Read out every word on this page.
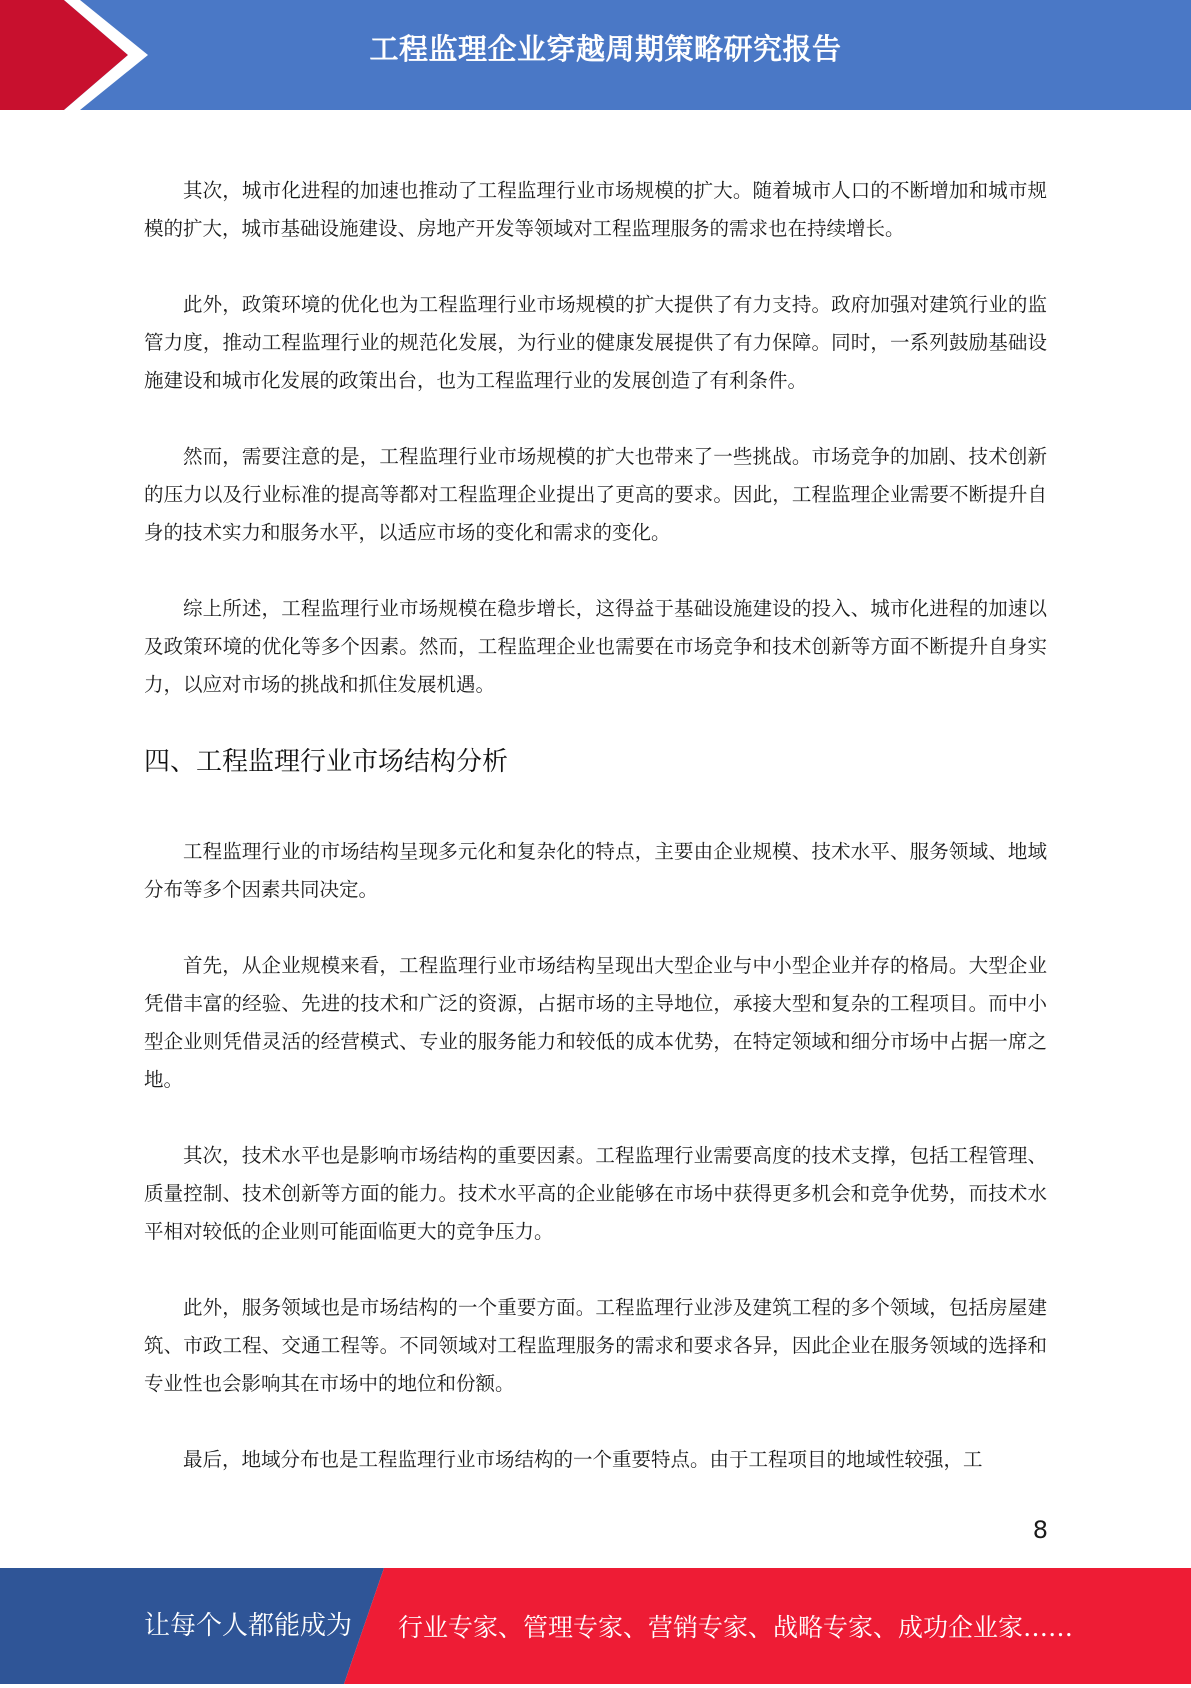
工程监理企业穿越周期策略研究报告

其次，城市化进程的加速也推动了工程监理行业市场规模的扩大。随着城市人口的不断增加和城市规模的扩大，城市基础设施建设、房地产开发等领域对工程监理服务的需求也在持续增长。

此外，政策环境的优化也为工程监理行业市场规模的扩大提供了有力支持。政府加强对建筑行业的监管力度，推动工程监理行业的规范化发展，为行业的健康发展提供了有力保障。同时，一系列鼓励基础设施建设和城市化发展的政策出台，也为工程监理行业的发展创造了有利条件。

然而，需要注意的是，工程监理行业市场规模的扩大也带来了一些挑战。市场竞争的加剧、技术创新的压力以及行业标准的提高等都对工程监理企业提出了更高的要求。因此，工程监理企业需要不断提升自身的技术实力和服务水平，以适应市场的变化和需求的变化。

综上所述，工程监理行业市场规模在稳步增长，这得益于基础设施建设的投入、城市化进程的加速以及政策环境的优化等多个因素。然而，工程监理企业也需要在市场竞争和技术创新等方面不断提升自身实力，以应对市场的挑战和抓住发展机遇。

四、工程监理行业市场结构分析

工程监理行业的市场结构呈现多元化和复杂化的特点，主要由企业规模、技术水平、服务领域、地域分布等多个因素共同决定。

首先，从企业规模来看，工程监理行业市场结构呈现出大型企业与中小型企业并存的格局。大型企业凭借丰富的经验、先进的技术和广泛的资源，占据市场的主导地位，承接大型和复杂的工程项目。而中小型企业则凭借灵活的经营模式、专业的服务能力和较低的成本优势，在特定领域和细分市场中占据一席之地。

其次，技术水平也是影响市场结构的重要因素。工程监理行业需要高度的技术支撑，包括工程管理、质量控制、技术创新等方面的能力。技术水平高的企业能够在市场中获得更多机会和竞争优势，而技术水平相对较低的企业则可能面临更大的竞争压力。

此外，服务领域也是市场结构的一个重要方面。工程监理行业涉及建筑工程的多个领域，包括房屋建筑、市政工程、交通工程等。不同领域对工程监理服务的需求和要求各异，因此企业在服务领域的选择和专业性也会影响其在市场中的地位和份额。

最后，地域分布也是工程监理行业市场结构的一个重要特点。由于工程项目的地域性较强，工

8
让每个人都能成为 行业专家、管理专家、营销专家、战略专家、成功企业家……
